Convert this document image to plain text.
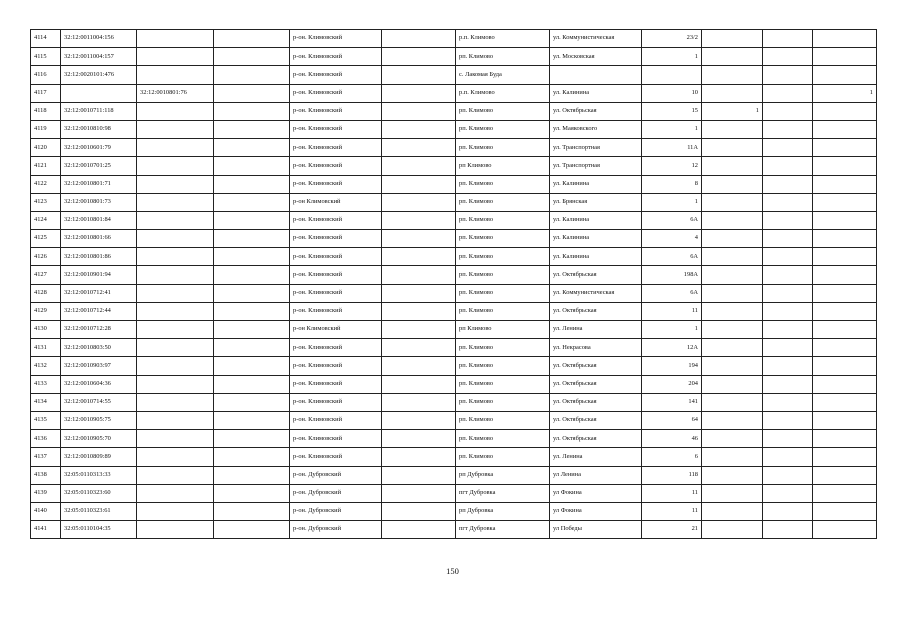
4114	32:12:0011004:156			р-он. Климовский		р.п. Климово	ул. Коммунистическая	23/2			
4115	32:12:0011004:157			р-он. Климовский		рп. Климово	ул. Московская	1			
4116	32:12:0020101:476			р-он. Климовский		с. Лакомая Буда					
4117		32:12:0010801:76		р-он. Климовский		р.п. Климово	ул. Калинина	10			1
4118	32:12:0010711:118			р-он. Климовский		рп. Климово	ул. Октябрьская	15	1		
4119	32:12:0010810:98			р-он. Климовский		рп. Климово	ул. Маяковского	1			
4120	32:12:0010601:79			р-он. Климовский		рп. Климово	ул. Транспортная	11А			
4121	32:12:0010701:25			р-он. Климовский		рп Климово	ул. Транспортная	12			
4122	32:12:0010801:71			р-он. Климовский		рп. Климово	ул. Калинина	8			
4123	32:12:0010801:73			р-он Климовский		рп. Климово	ул. Брянская	1			
4124	32:12:0010801:84			р-он. Климовский		рп. Климово	ул. Калинина	6А			
4125	32:12:0010801:66			р-он. Климовский		рп. Климово	ул. Калинина	4			
4126	32:12:0010801:86			р-он. Климовский		рп. Климово	ул. Калинина	6А			
4127	32:12:0010901:94			р-он. Климовский		рп. Климово	ул. Октябрьская	198А			
4128	32:12:0010712:41			р-он. Климовский		рп. Климово	ул. Коммунистическая	6А			
4129	32:12:0010712:44			р-он. Климовский		рп. Климово	ул. Октябрьская	11			
4130	32:12:0010712:28			р-он Климовский		рп Климово	ул. Ленина	1			
4131	32:12:0010803:50			р-он. Климовский		рп. Климово	ул. Некрасова	12А			
4132	32:12:0010903:97			р-он. Климовский		рп. Климово	ул. Октябрьская	194			
4133	32:12:0010604:36			р-он. Климовский		рп. Климово	ул. Октябрьская	204			
4134	32:12:0010714:55			р-он. Климовский		рп. Климово	ул. Октябрьская	141			
4135	32:12:0010905:75			р-он. Климовский		рп. Климово	ул. Октябрьская	64			
4136	32:12:0010905:70			р-он. Климовский		рп. Климово	ул. Октябрьская	46			
4137	32:12:0010809:89			р-он. Климовский		рп. Климово	ул. Ленина	6			
4138	32:05:0110313:33			р-он. Дубровский		рп Дубровка	ул Ленина	118			
4139	32:05:0110323:60			р-он. Дубровский		пгт Дубровка	ул Фокина	11			
4140	32:05:0110323:61			р-он. Дубровский		рп Дубровка	ул Фокина	11			
4141	32:05:0110104:35			р-он. Дубровский		пгт Дубровка	ул Победы	21			
150
